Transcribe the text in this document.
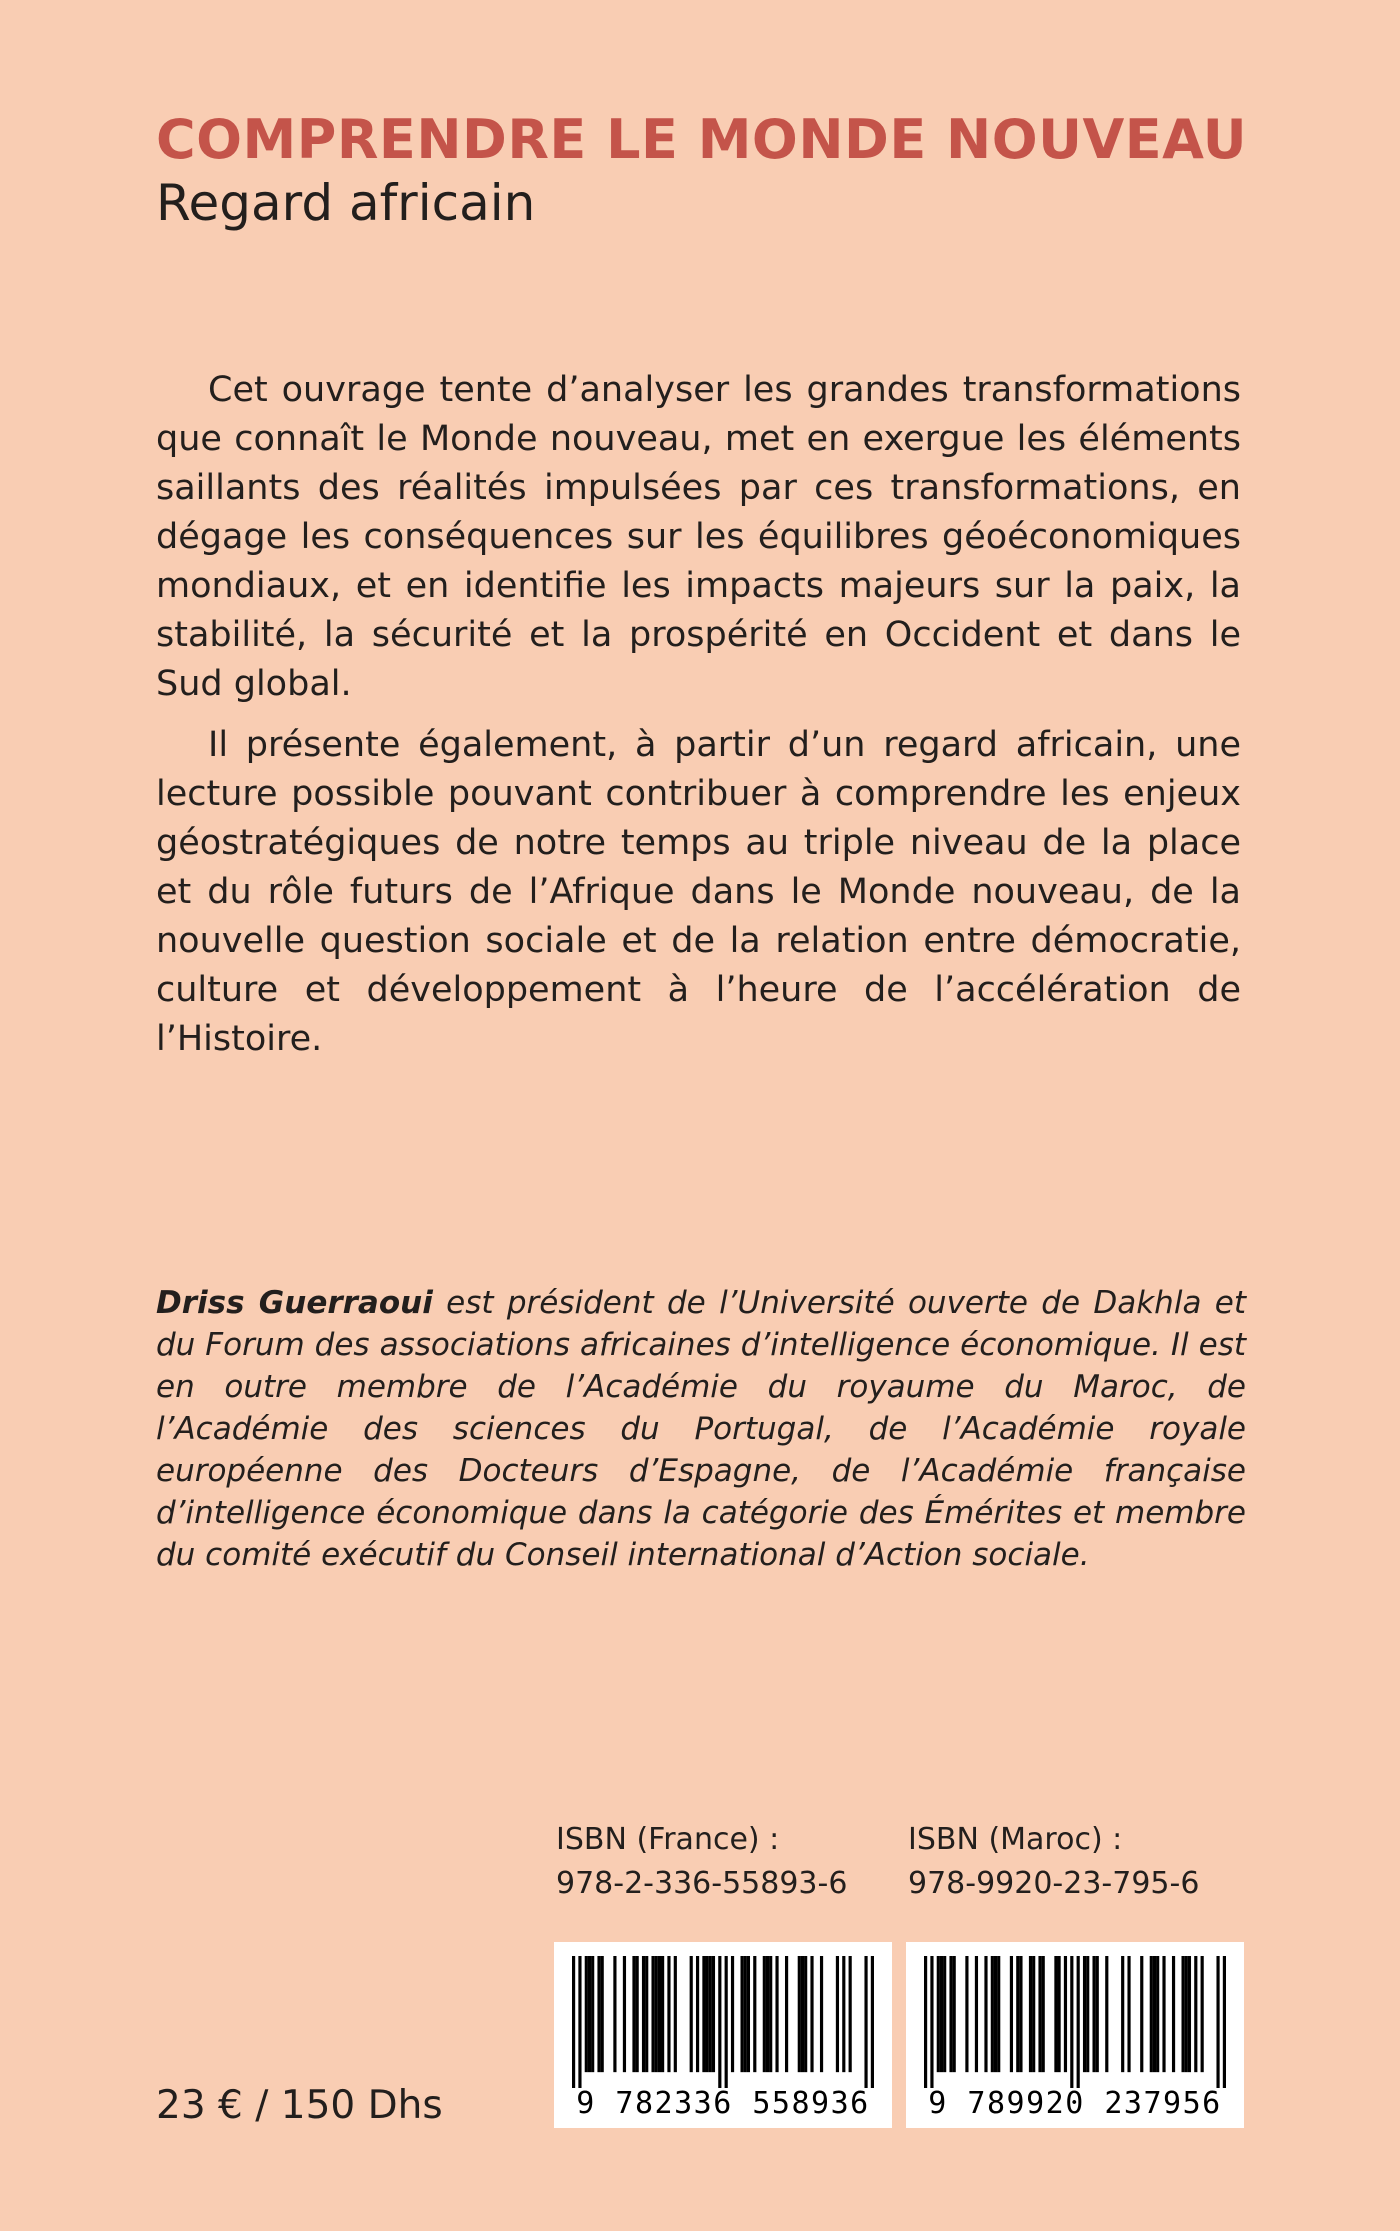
COMPRENDRE LE MONDE NOUVEAU
Regard africain

Cet ouvrage tente d’analyser les grandes transformations que connaît le Monde nouveau, met en exergue les éléments saillants des réalités impulsées par ces transformations, en dégage les conséquences sur les équilibres géoéconomiques mondiaux, et en identifie les impacts majeurs sur la paix, la stabilité, la sécurité et la prospérité en Occident et dans le Sud global.

Il présente également, à partir d’un regard africain, une lecture possible pouvant contribuer à comprendre les enjeux géostratégiques de notre temps au triple niveau de la place et du rôle futurs de l’Afrique dans le Monde nouveau, de la nouvelle question sociale et de la relation entre démocratie, culture et développement à l’heure de l’accélération de l’Histoire.

Driss Guerraoui est président de l’Université ouverte de Dakhla et du Forum des associations africaines d’intelligence économique. Il est en outre membre de l’Académie du royaume du Maroc, de l’Académie des sciences du Portugal, de l’Académie royale européenne des Docteurs d’Espagne, de l’Académie française d’intelligence économique dans la catégorie des Émérites et membre du comité exécutif du Conseil international d’Action sociale.

ISBN (France) :
978-2-336-55893-6
ISBN (Maroc) :
978-9920-23-795-6
9 782336 558936	9 789920 237956
23 € / 150 Dhs
